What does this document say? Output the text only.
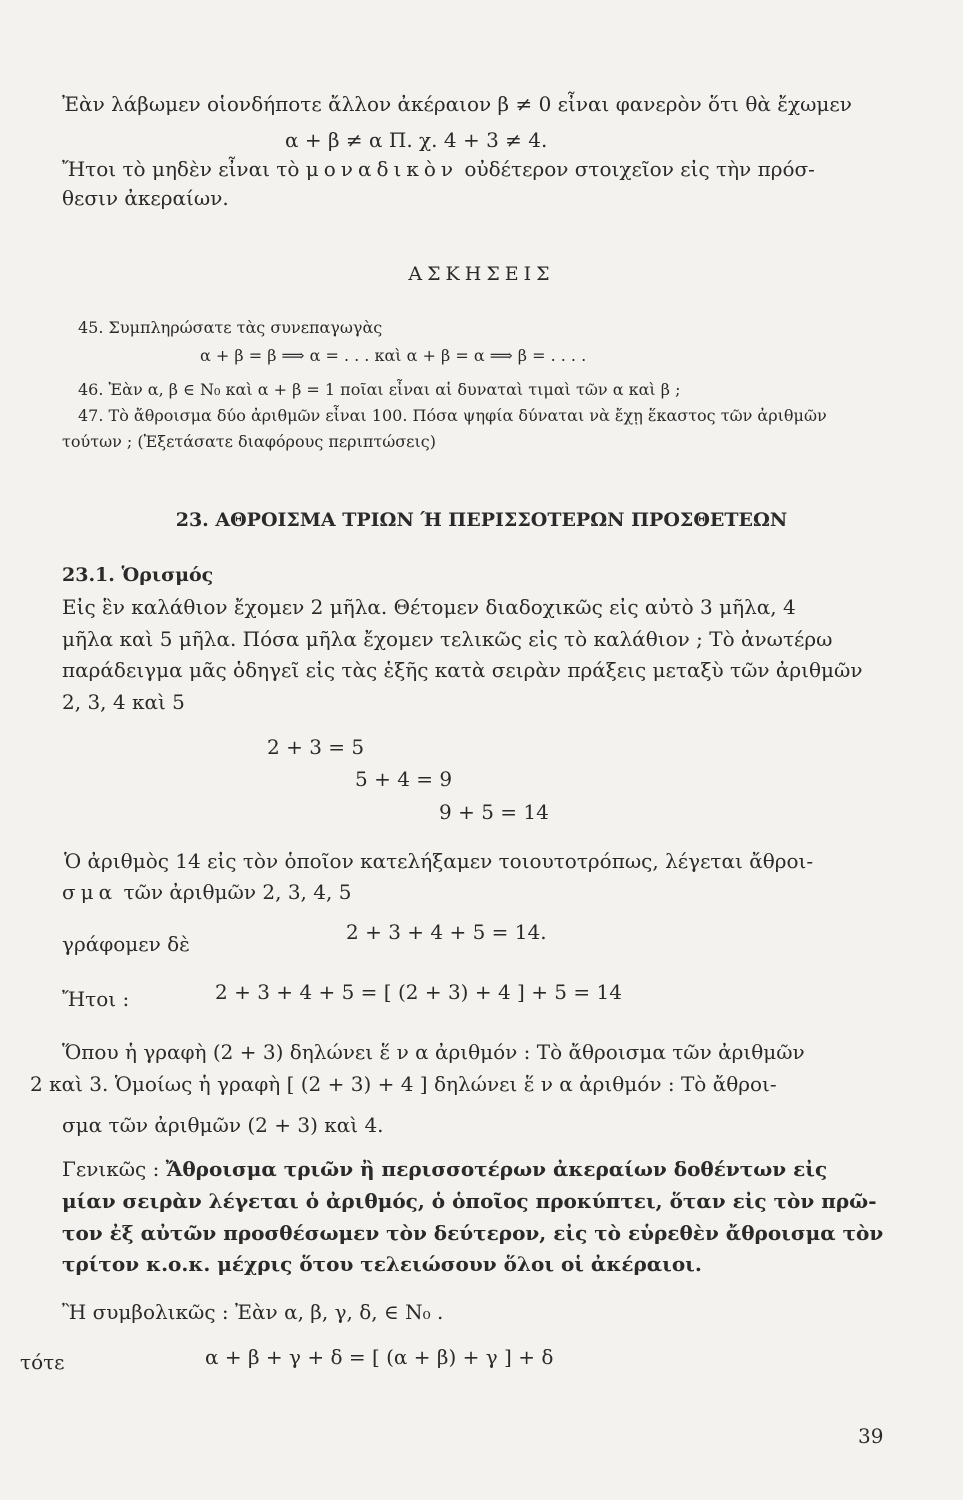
Ἐὰν λάβωμεν οἱονδήποτε ἄλλον ἀκέραιον β ≠ 0 εἶναι φανερὸν ὅτι θὰ ἔχωμεν
α + β ≠ α Π. χ. 4 + 3 ≠ 4.
Ἤτοι τὸ μηδὲν εἶναι τὸ μοναδικὸν οὐδέτερον στοιχεῖον εἰς τὴν πρόσ-
θεσιν ἀκεραίων.
ΑΣΚΗΣΕΙΣ
45. Συμπληρώσατε τὰς συνεπαγωγὰς
α + β = β ⟹ α = . . . καὶ α + β = α ⟹ β = . . . .
46. Ἐὰν α, β ∈ N₀ καὶ α + β = 1 ποῖαι εἶναι αἱ δυναταὶ τιμαὶ τῶν α καὶ β ;
47. Τὸ ἄθροισμα δύο ἀριθμῶν εἶναι 100. Πόσα ψηφία δύναται νὰ ἔχῃ ἕκαστος τῶν ἀριθμῶν
τούτων ; (Ἐξετάσατε διαφόρους περιπτώσεις)
23. ΑΘΡΟΙΣΜΑ ΤΡΙΩΝ Ή ΠΕΡΙΣΣΟΤΕΡΩΝ ΠΡΟΣΘΕΤΕΩΝ
23.1. Ὁρισμός
Εἰς ἓν καλάθιον ἔχομεν 2 μῆλα. Θέτομεν διαδοχικῶς εἰς αὐτὸ 3 μῆλα, 4
μῆλα καὶ 5 μῆλα. Πόσα μῆλα ἔχομεν τελικῶς εἰς τὸ καλάθιον ; Τὸ ἀνωτέρω
παράδειγμα μᾶς ὁδηγεῖ εἰς τὰς ἑξῆς κατὰ σειρὰν πράξεις μεταξὺ τῶν ἀριθμῶν
2, 3, 4 καὶ 5
2 + 3 = 5
5 + 4 = 9
9 + 5 = 14
Ὁ ἀριθμὸς 14 εἰς τὸν ὁποῖον κατελήξαμεν τοιουτοτρόπως, λέγεται ἄθροι-
σμα τῶν ἀριθμῶν 2, 3, 4, 5
γράφομεν δὲ	2 + 3 + 4 + 5 = 14.
Ἤτοι :	2 + 3 + 4 + 5 = [ (2 + 3) + 4 ] + 5 = 14
Ὅπου ἡ γραφὴ (2 + 3) δηλώνει ἕ ν α ἀριθμόν : Τὸ ἄθροισμα τῶν ἀριθμῶν
2 καὶ 3. Ὁμοίως ἡ γραφὴ [ (2 + 3) + 4 ] δηλώνει ἕ ν α ἀριθμόν : Τὸ ἄθροι-
σμα τῶν ἀριθμῶν (2 + 3) καὶ 4.
Γενικῶς : Ἄθροισμα τριῶν ἢ περισσοτέρων ἀκεραίων δοθέντων εἰς
μίαν σειρὰν λέγεται ὁ ἀριθμός, ὁ ὁποῖος προκύπτει, ὅταν εἰς τὸν πρῶ-
τον ἐξ αὐτῶν προσθέσωμεν τὸν δεύτερον, εἰς τὸ εὑρεθὲν ἄθροισμα τὸν
τρίτον κ.ο.κ. μέχρις ὅτου τελειώσουν ὅλοι οἱ ἀκέραιοι.
Ἢ συμβολικῶς : Ἐὰν α, β, γ, δ, ∈ N₀ .
τότε	α + β + γ + δ = [ (α + β) + γ ] + δ
39
